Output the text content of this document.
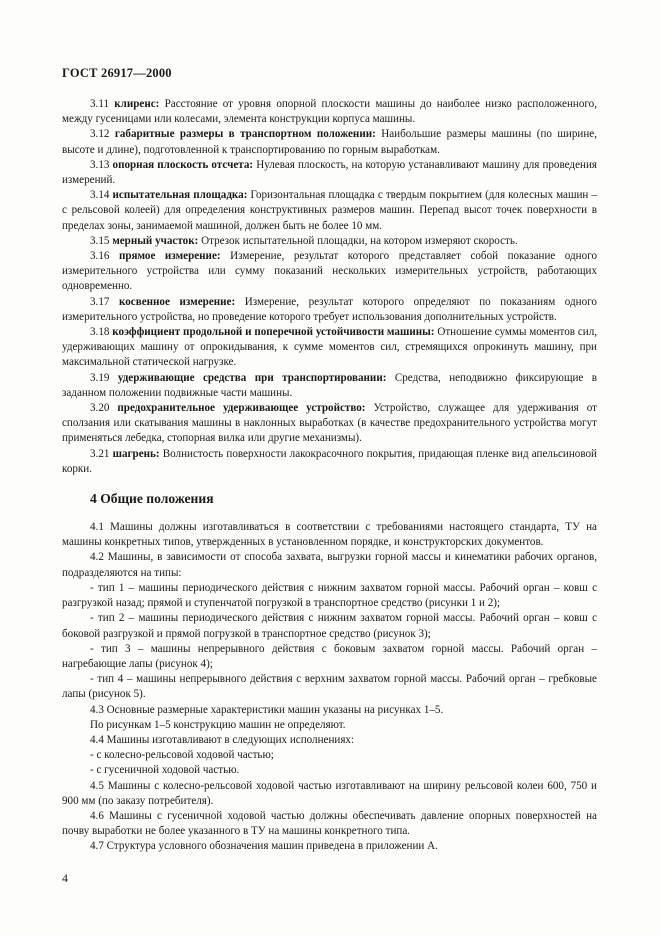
ГОСТ 26917—2000

3.11 клиренс: Расстояние от уровня опорной плоскости машины до наиболее низко расположенного, между гусеницами или колесами, элемента конструкции корпуса машины.

3.12 габаритные размеры в транспортном положении: Наибольшие размеры машины (по ширине, высоте и длине), подготовленной к транспортированию по горным выработкам.

3.13 опорная плоскость отсчета: Нулевая плоскость, на которую устанавливают машину для проведения измерений.

3.14 испытательная площадка: Горизонтальная площадка с твердым покрытием (для колесных машин – с рельсовой колеей) для определения конструктивных размеров машин. Перепад высот точек поверхности в пределах зоны, занимаемой машиной, должен быть не более 10 мм.

3.15 мерный участок: Отрезок испытательной площадки, на котором измеряют скорость.

3.16 прямое измерение: Измерение, результат которого представляет собой показание одного измерительного устройства или сумму показаний нескольких измерительных устройств, работающих одновременно.

3.17 косвенное измерение: Измерение, результат которого определяют по показаниям одного измерительного устройства, но проведение которого требует использования дополнительных устройств.

3.18 коэффициент продольной и поперечной устойчивости машины: Отношение суммы моментов сил, удерживающих машину от опрокидывания, к сумме моментов сил, стремящихся опрокинуть машину, при максимальной статической нагрузке.

3.19 удерживающие средства при транспортировании: Средства, неподвижно фиксирующие в заданном положении подвижные части машины.

3.20 предохранительное удерживающее устройство: Устройство, служащее для удерживания от сползания или скатывания машины в наклонных выработках (в качестве предохранительного устройства могут применяться лебедка, стопорная вилка или другие механизмы).

3.21 шагрень: Волнистость поверхности лакокрасочного покрытия, придающая пленке вид апельсиновой корки.

4 Общие положения

4.1 Машины должны изготавливаться в соответствии с требованиями настоящего стандарта, ТУ на машины конкретных типов, утвержденных в установленном порядке, и конструкторских документов.

4.2 Машины, в зависимости от способа захвата, выгрузки горной массы и кинематики рабочих органов, подразделяются на типы:

- тип 1 – машины периодического действия с нижним захватом горной массы. Рабочий орган – ковш с разгрузкой назад; прямой и ступенчатой погрузкой в транспортное средство (рисунки 1 и 2);

- тип 2 – машины периодического действия с нижним захватом горной массы. Рабочий орган – ковш с боковой разгрузкой и прямой погрузкой в транспортное средство (рисунок 3);

- тип 3 – машины непрерывного действия с боковым захватом горной массы. Рабочий орган – нагребающие лапы (рисунок 4);

- тип 4 – машины непрерывного действия с верхним захватом горной массы. Рабочий орган – гребковые лапы (рисунок 5).

4.3 Основные размерные характеристики машин указаны на рисунках 1–5.

По рисункам 1–5 конструкцию машин не определяют.

4.4 Машины изготавливают в следующих исполнениях:

- с колесно-рельсовой ходовой частью;

- с гусеничной ходовой частью.

4.5 Машины с колесно-рельсовой ходовой частью изготавливают на ширину рельсовой колеи 600, 750 и 900 мм (по заказу потребителя).

4.6 Машины с гусеничной ходовой частью должны обеспечивать давление опорных поверхностей на почву выработки не более указанного в ТУ на машины конкретного типа.

4.7 Структура условного обозначения машин приведена в приложении А.

4
